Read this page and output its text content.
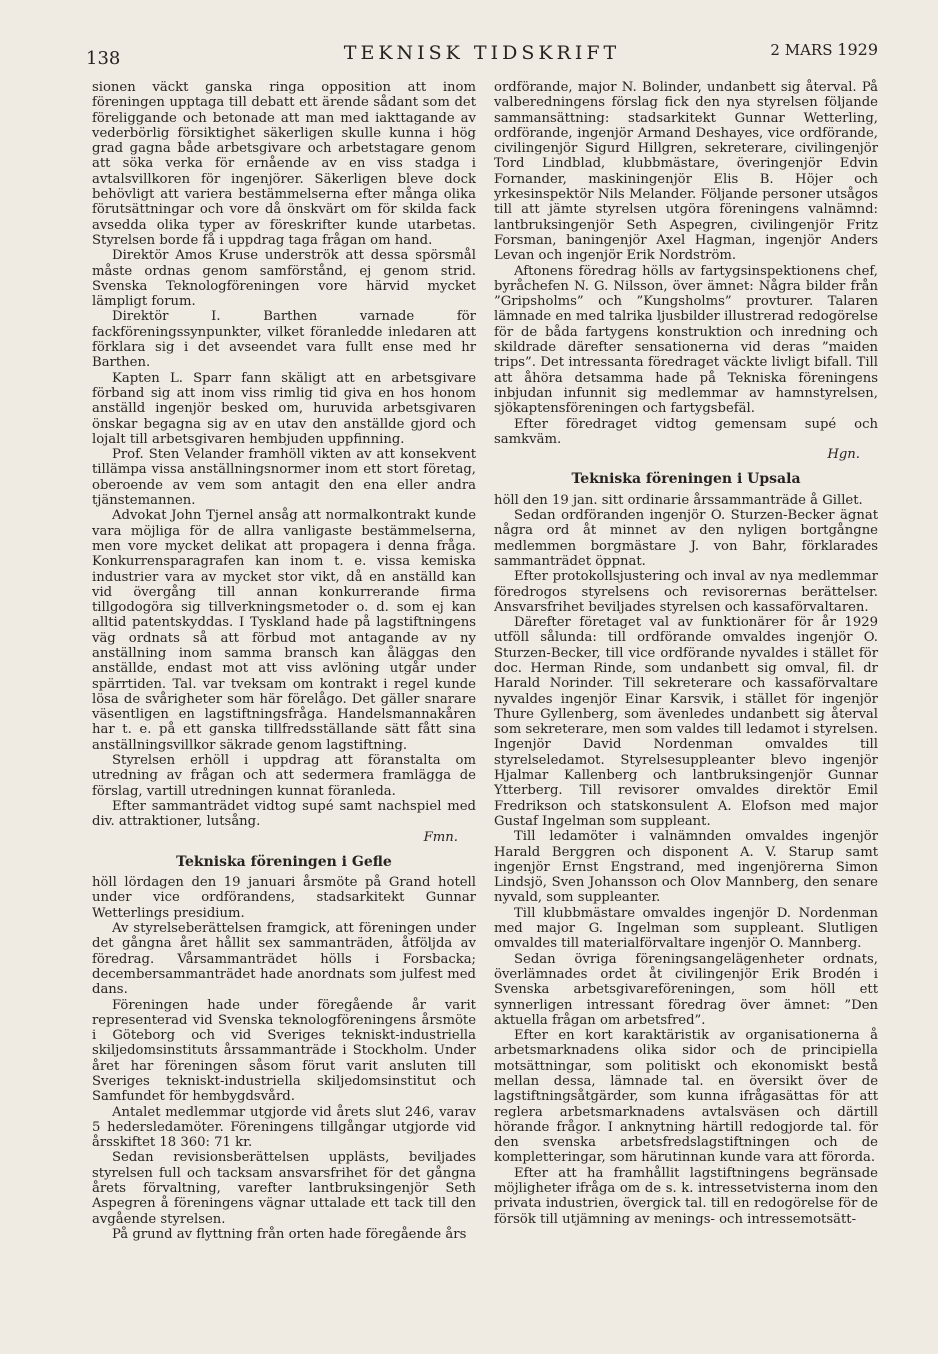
138	TEKNISK TIDSKRIFT	2 MARS 1929

sionen väckt ganska ringa opposition att inom föreningen upptaga till debatt ett ärende sådant som det föreliggande och betonade att man med iakttagande av vederbörlig försiktighet säkerligen skulle kunna i hög grad gagna både arbetsgivare och arbetstagare genom att söka verka för ernående av en viss stadga i avtalsvillkoren för ingenjörer. Säkerligen bleve dock behövligt att variera bestämmelserna efter många olika förutsättningar och vore då önskvärt om för skilda fack avsedda olika typer av föreskrifter kunde utarbetas. Styrelsen borde få i uppdrag taga frågan om hand.

Direktör Amos Kruse underströk att dessa spörsmål måste ordnas genom samförstånd, ej genom strid. Svenska Teknologföreningen vore härvid mycket lämpligt forum.

Direktör I. Barthen varnade för fackföreningssynpunkter, vilket föranledde inledaren att förklara sig i det avseendet vara fullt ense med hr Barthen.

Kapten L. Sparr fann skäligt att en arbetsgivare förband sig att inom viss rimlig tid giva en hos honom anställd ingenjör besked om, huruvida arbetsgivaren önskar begagna sig av en utav den anställde gjord och lojalt till arbetsgivaren hembjuden uppfinning.

Prof. Sten Velander framhöll vikten av att konsekvent tillämpa vissa anställningsnormer inom ett stort företag, oberoende av vem som antagit den ena eller andra tjänstemannen.

Advokat John Tjernel ansåg att normalkontrakt kunde vara möjliga för de allra vanligaste bestämmelserna, men vore mycket delikat att propagera i denna fråga. Konkurrensparagrafen kan inom t. e. vissa kemiska industrier vara av mycket stor vikt, då en anställd kan vid övergång till annan konkurrerande firma tillgodogöra sig tillverkningsmetoder o. d. som ej kan alltid patentskyddas. I Tyskland hade på lagstiftningens väg ordnats så att förbud mot antagande av ny anställning inom samma bransch kan åläggas den anställde, endast mot att viss avlöning utgår under spärrtiden. Tal. var tveksam om kontrakt i regel kunde lösa de svårigheter som här förelågo. Det gäller snarare väsentligen en lagstiftningsfråga. Handelsmannakåren har t. e. på ett ganska tillfredsställande sätt fått sina anställningsvillkor säkrade genom lagstiftning.

Styrelsen erhöll i uppdrag att föranstalta om utredning av frågan och att sedermera framlägga de förslag, vartill utredningen kunnat föranleda.

Efter sammanträdet vidtog supé samt nachspiel med div. attraktioner, lutsång.

Fmn.
Tekniska föreningen i Gefle

höll lördagen den 19 januari årsmöte på Grand hotell under vice ordförandens, stadsarkitekt Gunnar Wetterlings presidium.

Av styrelseberättelsen framgick, att föreningen under det gångna året hållit sex sammanträden, åtföljda av föredrag. Vårsammanträdet hölls i Forsbacka; decembersammanträdet hade anordnats som julfest med dans.

Föreningen hade under föregående år varit representerad vid Svenska teknologföreningens årsmöte i Göteborg och vid Sveriges tekniskt-industriella skiljedomsinstituts årssammanträde i Stockholm. Under året har föreningen såsom förut varit ansluten till Sveriges tekniskt-industriella skiljedomsinstitut och Samfundet för hembygdsvård.

Antalet medlemmar utgjorde vid årets slut 246, varav 5 hedersledamöter. Föreningens tillgångar utgjorde vid årsskiftet 18 360: 71 kr.

Sedan revisionsberättelsen upplästs, beviljades styrelsen full och tacksam ansvarsfrihet för det gångna årets förvaltning, varefter lantbruksingenjör Seth Aspegren å föreningens vägnar uttalade ett tack till den avgående styrelsen.

På grund av flyttning från orten hade föregående års

ordförande, major N. Bolinder, undanbett sig återval. På valberedningens förslag fick den nya styrelsen följande sammansättning: stadsarkitekt Gunnar Wetterling, ordförande, ingenjör Armand Deshayes, vice ordförande, civilingenjör Sigurd Hillgren, sekreterare, civilingenjör Tord Lindblad, klubbmästare, överingenjör Edvin Fornander, maskiningenjör Elis B. Höjer och yrkesinspektör Nils Melander. Följande personer utsågos till att jämte styrelsen utgöra föreningens valnämnd: lantbruksingenjör Seth Aspegren, civilingenjör Fritz Forsman, baningenjör Axel Hagman, ingenjör Anders Levan och ingenjör Erik Nordström.

Aftonens föredrag hölls av fartygsinspektionens chef, byråchefen N. G. Nilsson, över ämnet: Några bilder från ”Gripsholms” och ”Kungsholms” provturer. Talaren lämnade en med talrika ljusbilder illustrerad redogörelse för de båda fartygens konstruktion och inredning och skildrade därefter sensationerna vid deras ”maiden trips”. Det intressanta föredraget väckte livligt bifall. Till att åhöra detsamma hade på Tekniska föreningens inbjudan infunnit sig medlemmar av hamnstyrelsen, sjökaptensföreningen och fartygsbefäl.

Efter föredraget vidtog gemensam supé och samkväm.

Hgn.
Tekniska föreningen i Upsala

höll den 19 jan. sitt ordinarie årssammanträde å Gillet.

Sedan ordföranden ingenjör O. Sturzen-Becker ägnat några ord åt minnet av den nyligen bortgångne medlemmen borgmästare J. von Bahr, förklarades sammanträdet öppnat.

Efter protokollsjustering och inval av nya medlemmar föredrogos styrelsens och revisorernas berättelser. Ansvarsfrihet beviljades styrelsen och kassaförvaltaren.

Därefter företaget val av funktionärer för år 1929 utföll sålunda: till ordförande omvaldes ingenjör O. Sturzen-Becker, till vice ordförande nyvaldes i stället för doc. Herman Rinde, som undanbett sig omval, fil. dr Harald Norinder. Till sekreterare och kassaförvaltare nyvaldes ingenjör Einar Karsvik, i stället för ingenjör Thure Gyllenberg, som ävenledes undanbett sig återval som sekreterare, men som valdes till ledamot i styrelsen. Ingenjör David Nordenman omvaldes till styrelseledamot. Styrelsesuppleanter blevo ingenjör Hjalmar Kallenberg och lantbruksingenjör Gunnar Ytterberg. Till revisorer omvaldes direktör Emil Fredrikson och statskonsulent A. Elofson med major Gustaf Ingelman som suppleant.

Till ledamöter i valnämnden omvaldes ingenjör Harald Berggren och disponent A. V. Starup samt ingenjör Ernst Engstrand, med ingenjörerna Simon Lindsjö, Sven Johansson och Olov Mannberg, den senare nyvald, som suppleanter.

Till klubbmästare omvaldes ingenjör D. Nordenman med major G. Ingelman som suppleant. Slutligen omvaldes till materialförvaltare ingenjör O. Mannberg.

Sedan övriga föreningsangelägenheter ordnats, överlämnades ordet åt civilingenjör Erik Brodén i Svenska arbetsgivareföreningen, som höll ett synnerligen intressant föredrag över ämnet: ”Den aktuella frågan om arbetsfred”.

Efter en kort karaktäristik av organisationerna å arbetsmarknadens olika sidor och de principiella motsättningar, som politiskt och ekonomiskt bestå mellan dessa, lämnade tal. en översikt över de lagstiftningsåtgärder, som kunna ifrågasättas för att reglera arbetsmarknadens avtalsväsen och därtill hörande frågor. I anknytning härtill redogjorde tal. för den svenska arbetsfredslagstiftningen och de kompletteringar, som härutinnan kunde vara att förorda.

Efter att ha framhållit lagstiftningens begränsade möjligheter ifråga om de s. k. intressetvisterna inom den privata industrien, övergick tal. till en redogörelse för de försök till utjämning av menings- och intressemotsätt-
